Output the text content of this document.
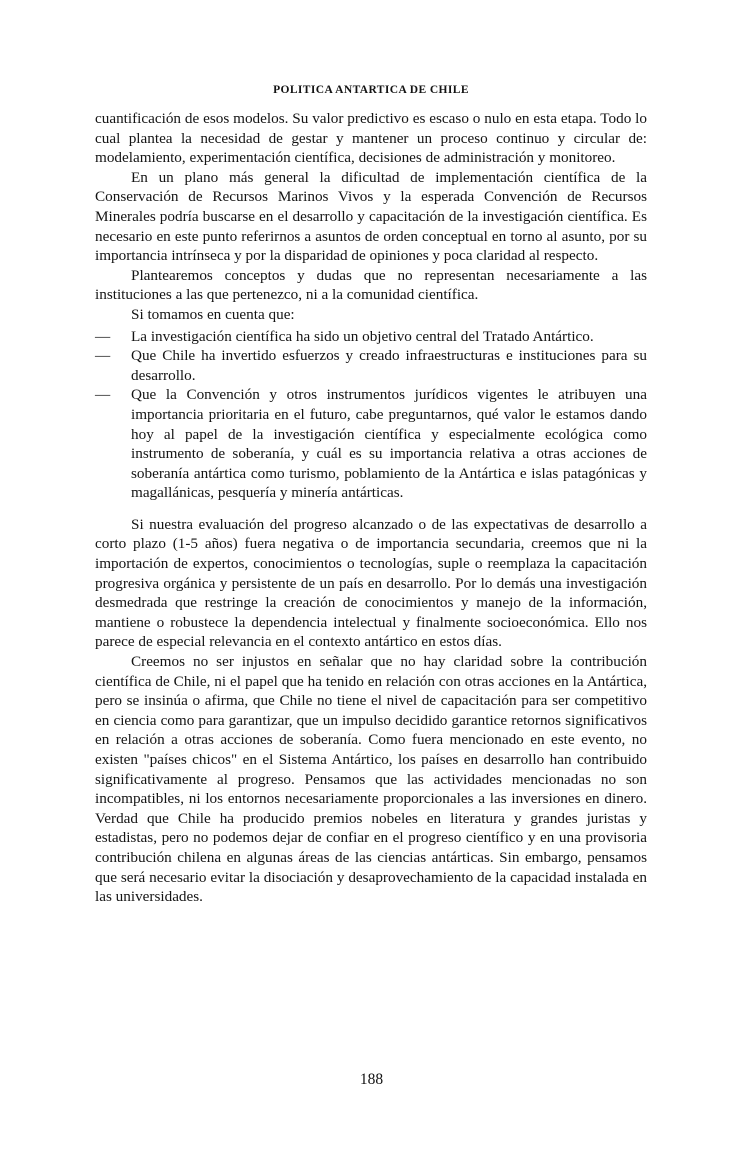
POLITICA ANTARTICA DE CHILE

cuantificación de esos modelos. Su valor predictivo es escaso o nulo en esta etapa. Todo lo cual plantea la necesidad de gestar y mantener un proceso continuo y circular de: modelamiento, experimentación científica, decisiones de administración y monitoreo.

En un plano más general la dificultad de implementación científica de la Conservación de Recursos Marinos Vivos y la esperada Convención de Recursos Minerales podría buscarse en el desarrollo y capacitación de la investigación científica. Es necesario en este punto referirnos a asuntos de orden conceptual en torno al asunto, por su importancia intrínseca y por la disparidad de opiniones y poca claridad al respecto.

Plantearemos conceptos y dudas que no representan necesariamente a las instituciones a las que pertenezco, ni a la comunidad científica.

Si tomamos en cuenta que:

— La investigación científica ha sido un objetivo central del Tratado Antártico.
— Que Chile ha invertido esfuerzos y creado infraestructuras e instituciones para su desarrollo.
— Que la Convención y otros instrumentos jurídicos vigentes le atribuyen una importancia prioritaria en el futuro, cabe preguntarnos, qué valor le estamos dando hoy al papel de la investigación científica y especialmente ecológica como instrumento de soberanía, y cuál es su importancia relativa a otras acciones de soberanía antártica como turismo, poblamiento de la Antártica e islas patagónicas y magallánicas, pesquería y minería antárticas.

Si nuestra evaluación del progreso alcanzado o de las expectativas de desarrollo a corto plazo (1-5 años) fuera negativa o de importancia secundaria, creemos que ni la importación de expertos, conocimientos o tecnologías, suple o reemplaza la capacitación progresiva orgánica y persistente de un país en desarrollo. Por lo demás una investigación desmedrada que restringe la creación de conocimientos y manejo de la información, mantiene o robustece la dependencia intelectual y finalmente socioeconómica. Ello nos parece de especial relevancia en el contexto antártico en estos días.

Creemos no ser injustos en señalar que no hay claridad sobre la contribución científica de Chile, ni el papel que ha tenido en relación con otras acciones en la Antártica, pero se insinúa o afirma, que Chile no tiene el nivel de capacitación para ser competitivo en ciencia como para garantizar, que un impulso decidido garantice retornos significativos en relación a otras acciones de soberanía. Como fuera mencionado en este evento, no existen "países chicos" en el Sistema Antártico, los países en desarrollo han contribuido significativamente al progreso. Pensamos que las actividades mencionadas no son incompatibles, ni los entornos necesariamente proporcionales a las inversiones en dinero. Verdad que Chile ha producido premios nobeles en literatura y grandes juristas y estadistas, pero no podemos dejar de confiar en el progreso científico y en una provisoria contribución chilena en algunas áreas de las ciencias antárticas. Sin embargo, pensamos que será necesario evitar la disociación y desaprovechamiento de la capacidad instalada en las universidades.

188
